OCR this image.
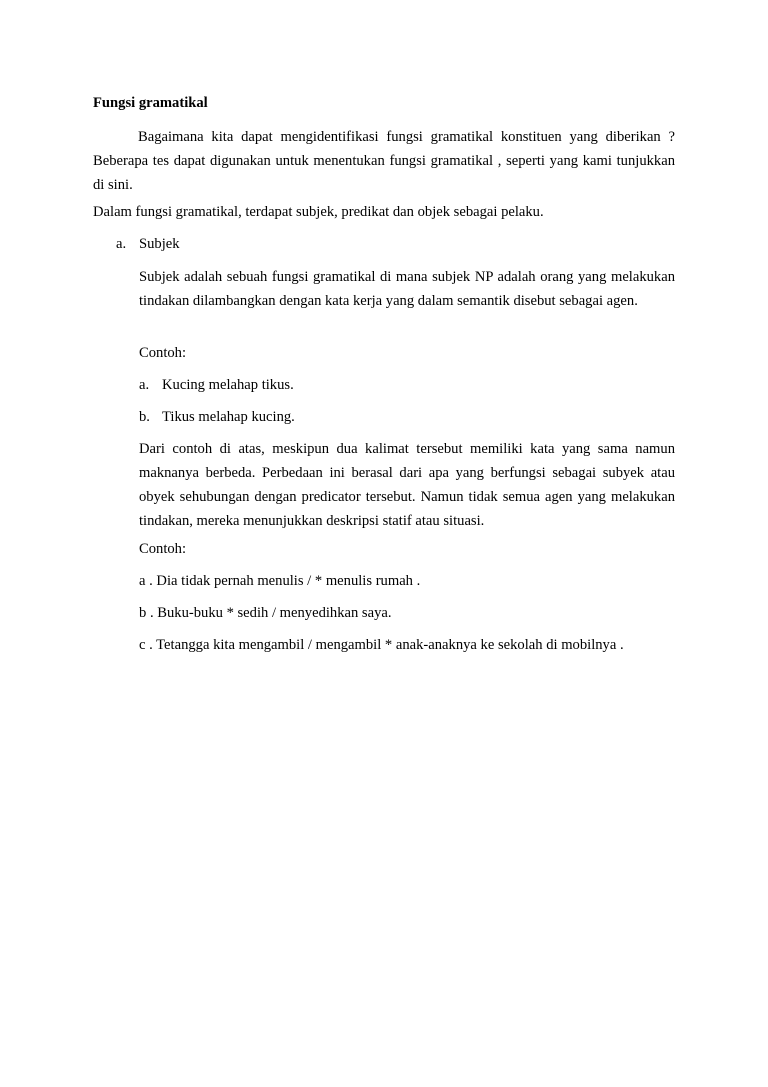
Fungsi gramatikal

Bagaimana kita dapat mengidentifikasi fungsi gramatikal konstituen yang diberikan ? Beberapa tes dapat digunakan untuk menentukan fungsi gramatikal , seperti yang kami tunjukkan di sini.

Dalam fungsi gramatikal, terdapat subjek, predikat dan objek sebagai pelaku.

a. Subjek

Subjek adalah sebuah fungsi gramatikal di mana subjek NP adalah orang yang melakukan tindakan dilambangkan dengan kata kerja yang dalam semantik disebut sebagai agen.

Contoh:
a. Kucing melahap tikus.
b. Tikus melahap kucing.

Dari contoh di atas, meskipun dua kalimat tersebut memiliki kata yang sama namun maknanya berbeda. Perbedaan ini berasal dari apa yang berfungsi sebagai subyek atau obyek sehubungan dengan predicator tersebut. Namun tidak semua agen yang melakukan tindakan, mereka menunjukkan deskripsi statif atau situasi.

Contoh:
a . Dia tidak pernah menulis / * menulis rumah .
b . Buku-buku * sedih / menyedihkan saya.
c . Tetangga kita mengambil / mengambil * anak-anaknya ke sekolah di mobilnya .
